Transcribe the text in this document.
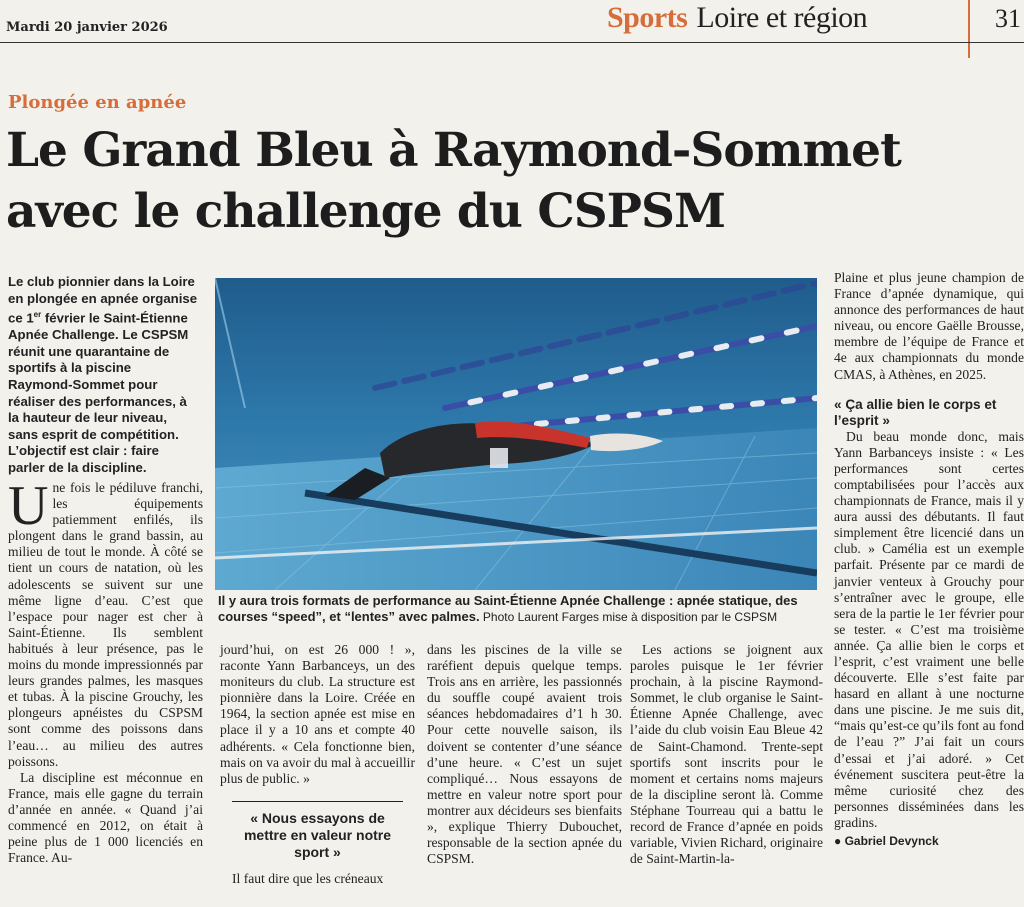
Mardi 20 janvier 2026	Sports Loire et région	31
Plongée en apnée
Le Grand Bleu à Raymond-Sommet
avec le challenge du CSPSM

Le club pionnier dans la Loire en plongée en apnée organise ce 1er février le Saint-Étienne Apnée Challenge. Le CSPSM réunit une quarantaine de sportifs à la piscine Raymond-Sommet pour réaliser des performances, à la hauteur de leur niveau, sans esprit de compétition. L’objectif est clair : faire parler de la discipline.

Il y aura trois formats de performance au Saint-Étienne Apnée Challenge : apnée statique, des courses “speed”, et “lentes” avec palmes. Photo Laurent Farges mise à disposition par le CSPSM
U ne fois le pédiluve franchi, les équipements patiemment enfilés, ils plongent dans le grand bassin, au milieu de tout le monde. À côté se tient un cours de natation, où les adolescents se suivent sur une même ligne d’eau. C’est que l’espace pour nager est cher à Saint-Étienne. Ils semblent habitués à leur présence, pas le moins du monde impressionnés par leurs grandes palmes, les masques et tubas. À la piscine Grouchy, les plongeurs apnéistes du CSPSM sont comme des poissons dans l’eau… au milieu des autres poissons.

La discipline est méconnue en France, mais elle gagne du terrain d’année en année. « Quand j’ai commencé en 2012, on était à peine plus de 1 000 licenciés en France. Au-

jourd’hui, on est 26 000 ! », raconte Yann Barbanceys, un des moniteurs du club. La structure est pionnière dans la Loire. Créée en 1964, la section apnée est mise en place il y a 10 ans et compte 40 adhérents. « Cela fonctionne bien, mais on va avoir du mal à accueillir plus de public. »

« Nous essayons de mettre en valeur notre sport »

Il faut dire que les créneaux

dans les piscines de la ville se raréfient depuis quelque temps. Trois ans en arrière, les passionnés du souffle coupé avaient trois séances hebdomadaires d’1 h 30. Pour cette nouvelle saison, ils doivent se contenter d’une séance d’une heure. « C’est un sujet compliqué… Nous essayons de mettre en valeur notre sport pour montrer aux décideurs ses bienfaits », explique Thierry Dubouchet, responsable de la section apnée du CSPSM.

Les actions se joignent aux paroles puisque le 1er février prochain, à la piscine Raymond-Sommet, le club organise le Saint-Étienne Apnée Challenge, avec l’aide du club voisin Eau Bleue 42 de Saint-Chamond. Trente-sept sportifs sont inscrits pour le moment et certains noms majeurs de la discipline seront là. Comme Stéphane Tourreau qui a battu le record de France d’apnée en poids variable, Vivien Richard, originaire de Saint-Martin-la-

Plaine et plus jeune champion de France d’apnée dynamique, qui annonce des performances de haut niveau, ou encore Gaëlle Brousse, membre de l’équipe de France et 4e aux championnats du monde CMAS, à Athènes, en 2025.

« Ça allie bien le corps et l’esprit »

Du beau monde donc, mais Yann Barbanceys insiste : « Les performances sont certes comptabilisées pour l’accès aux championnats de France, mais il y aura aussi des débutants. Il faut simplement être licencié dans un club. » Camélia est un exemple parfait. Présente par ce mardi de janvier venteux à Grouchy pour s’entraîner avec le groupe, elle sera de la partie le 1er février pour se tester. « C’est ma troisième année. Ça allie bien le corps et l’esprit, c’est vraiment une belle découverte. Elle s’est faite par hasard en allant à une nocturne dans une piscine. Je me suis dit, “mais qu’est-ce qu’ils font au fond de l’eau ?” J’ai fait un cours d’essai et j’ai adoré. » Cet événement suscitera peut-être la même curiosité chez des personnes disséminées dans les gradins.

● Gabriel Devynck
